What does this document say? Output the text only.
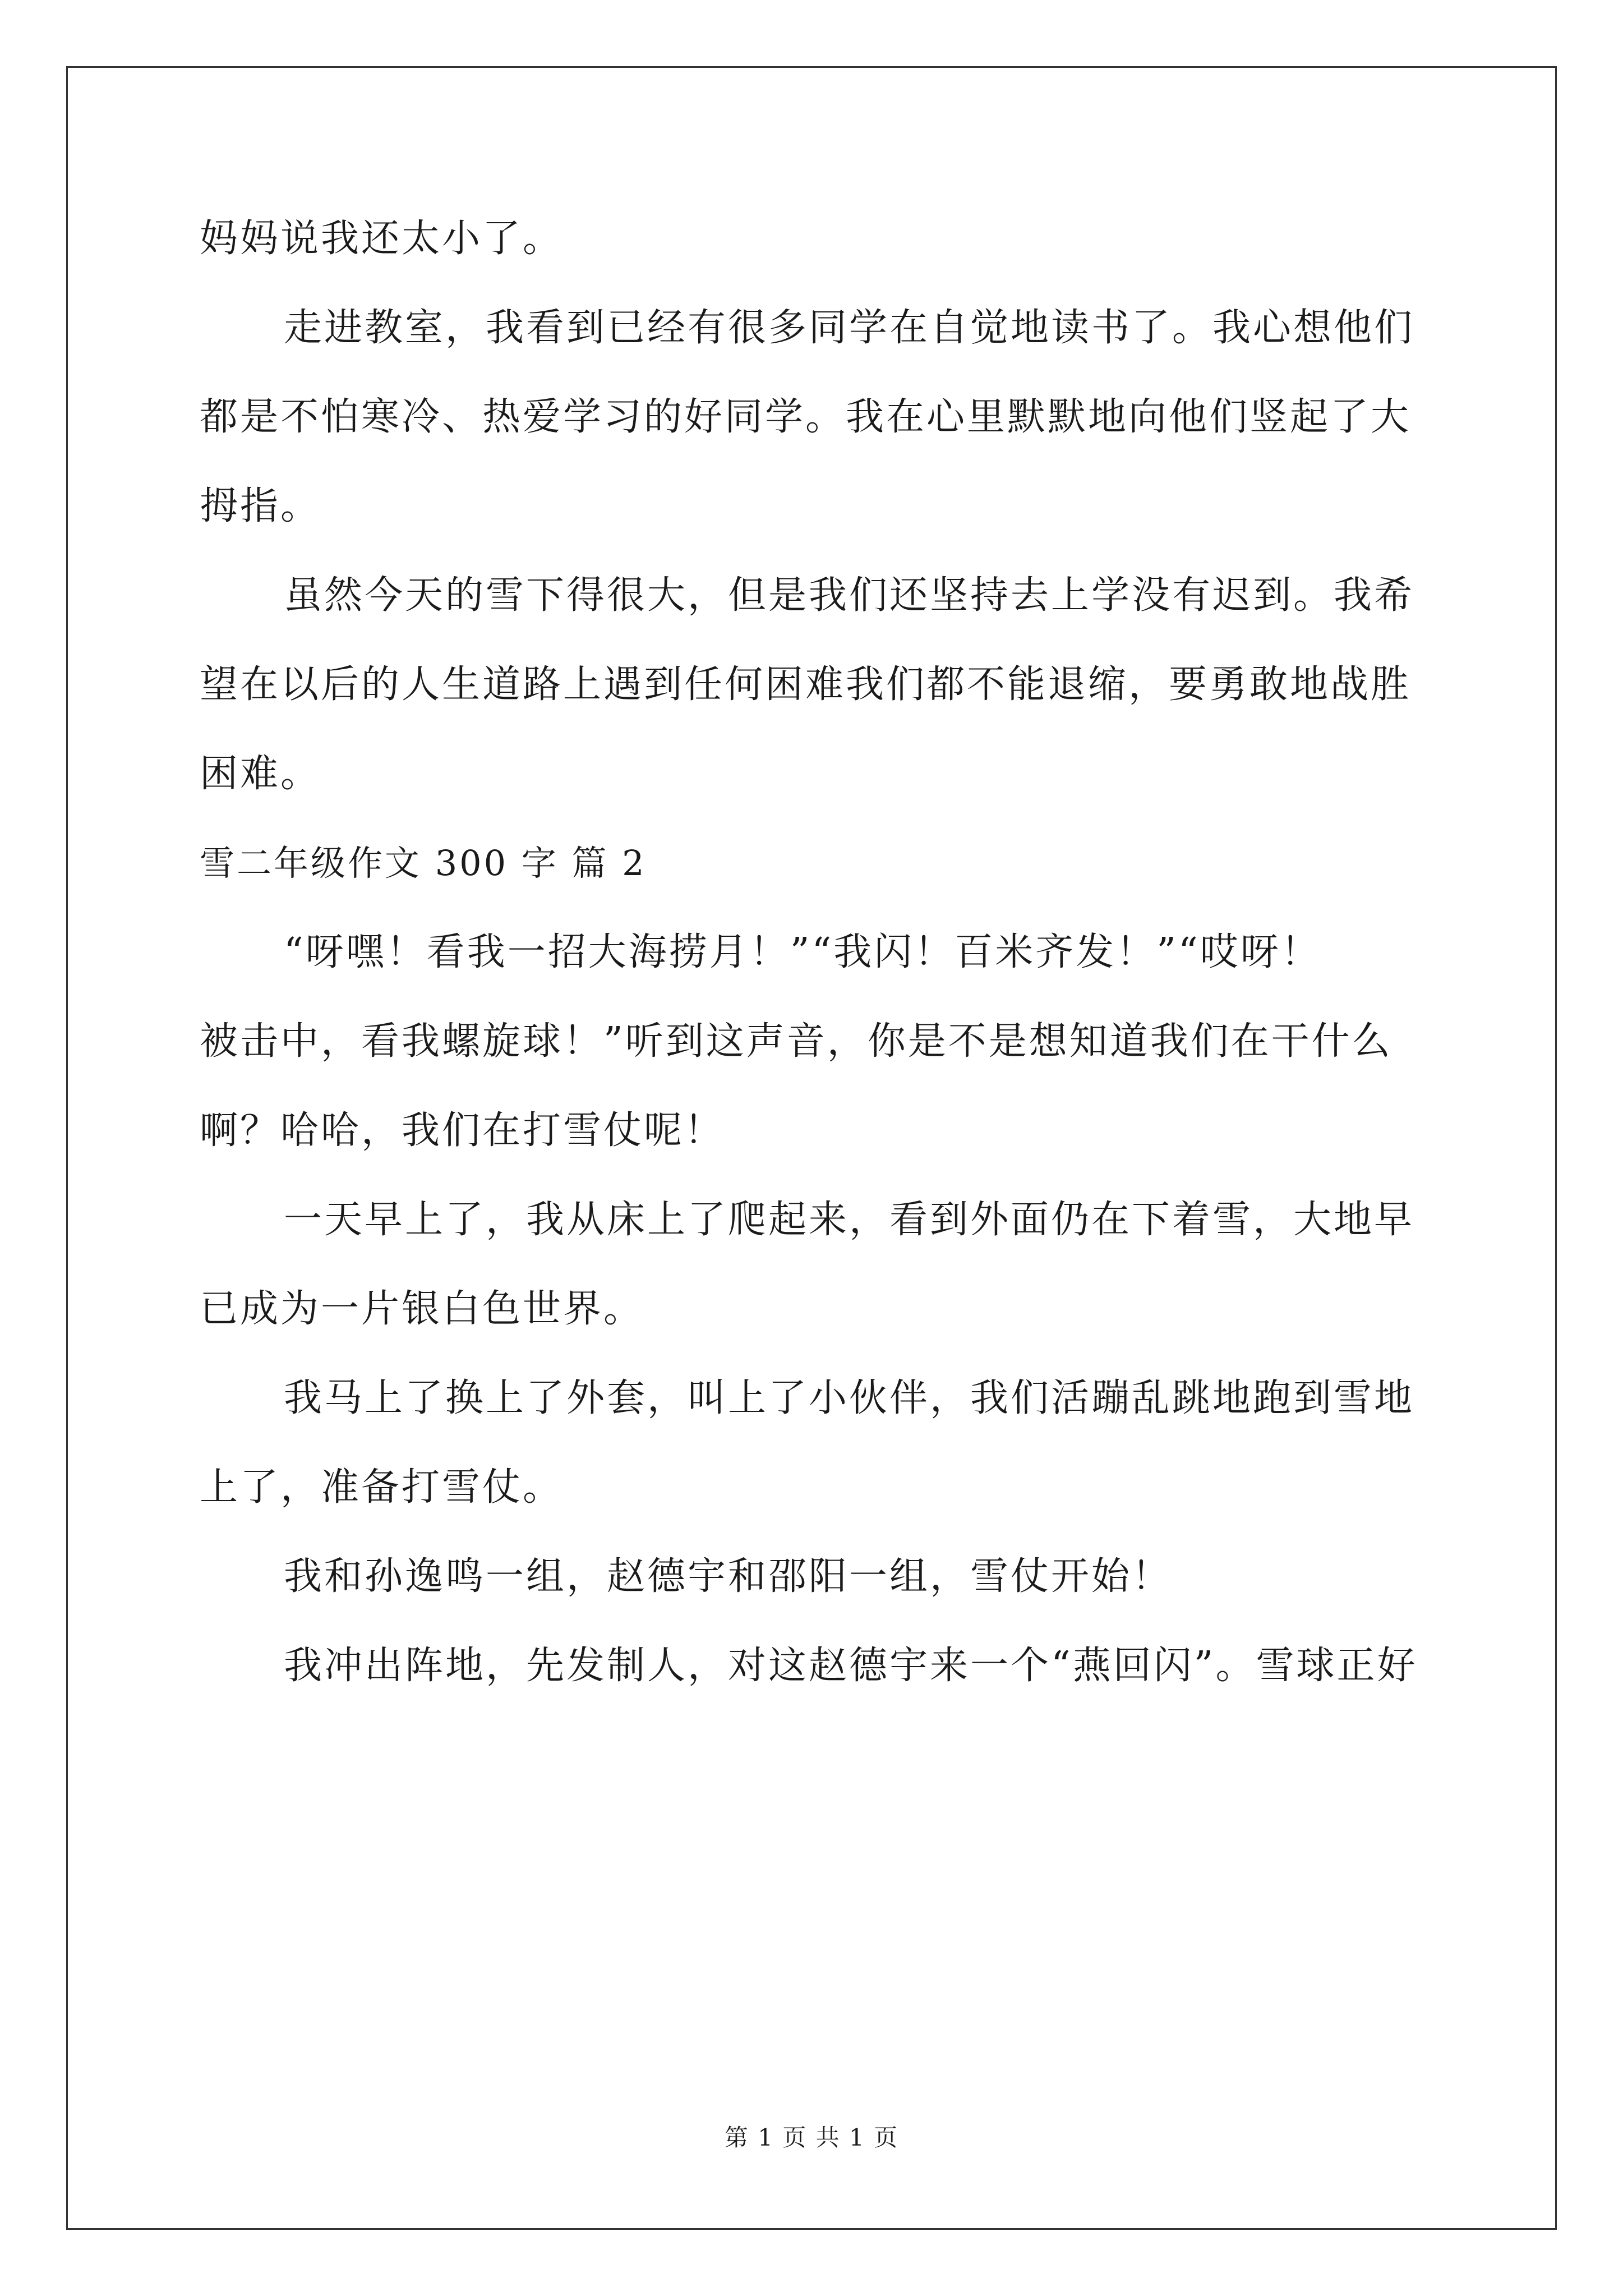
妈妈说我还太小了。
走进教室，我看到已经有很多同学在自觉地读书了。我心想他们
都是不怕寒冷、热爱学习的好同学。我在心里默默地向他们竖起了大
拇指。
虽然今天的雪下得很大，但是我们还坚持去上学没有迟到。我希
望在以后的人生道路上遇到任何困难我们都不能退缩，要勇敢地战胜
困难。
雪二年级作文 300 字 篇 2
“呀嘿！看我一招大海捞月！”“我闪！百米齐发！”“哎呀！
被击中，看我螺旋球！”听到这声音，你是不是想知道我们在干什么
啊？哈哈，我们在打雪仗呢！
一天早上了，我从床上了爬起来，看到外面仍在下着雪，大地早
已成为一片银白色世界。
我马上了换上了外套，叫上了小伙伴，我们活蹦乱跳地跑到雪地
上了，准备打雪仗。
我和孙逸鸣一组，赵德宇和邵阳一组，雪仗开始！
我冲出阵地，先发制人，对这赵德宇来一个“燕回闪”。雪球正好
第 1 页 共 1 页
